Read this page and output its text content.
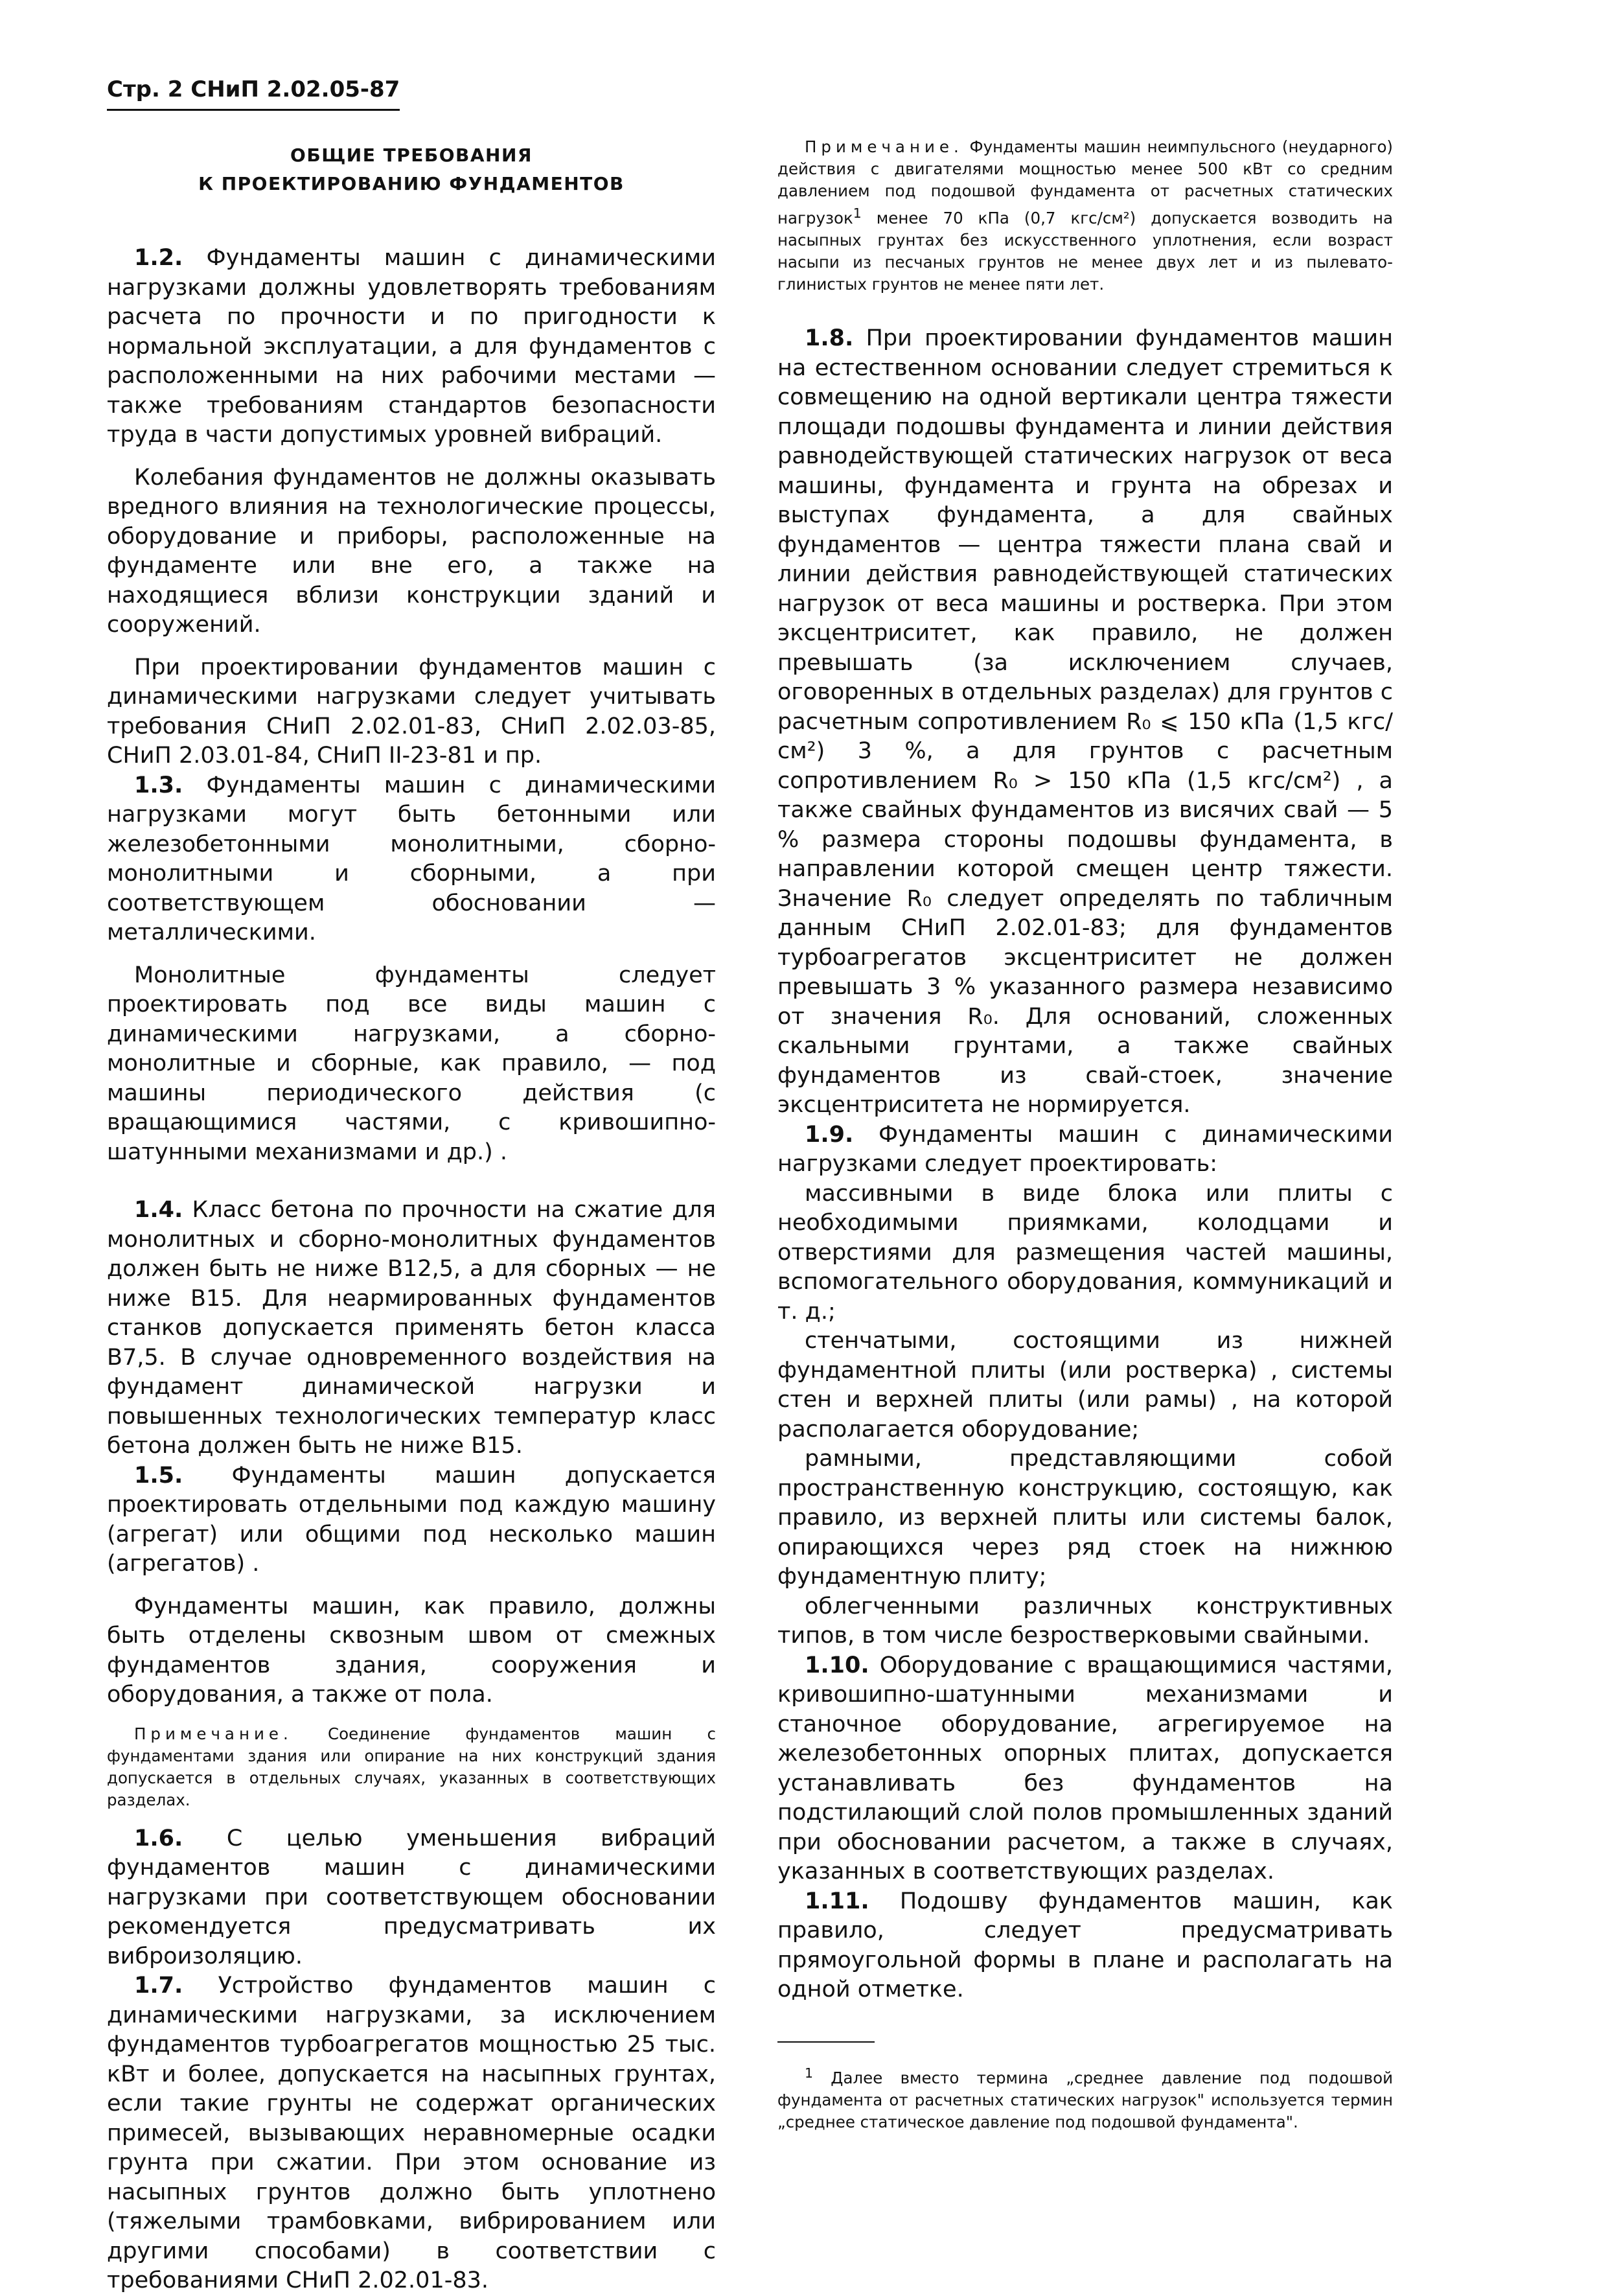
Стр. 2 СНиП 2.02.05-87
ОБЩИЕ ТРЕБОВАНИЯ
К ПРОЕКТИРОВАНИЮ ФУНДАМЕНТОВ

1.2. Фундаменты машин с динамическими нагрузками должны удовлетворять требованиям расчета по прочности и по пригодности к нормальной эксплуатации, а для фундаментов с расположенными на них рабочими местами — также требованиям стандартов безопасности труда в части допустимых уровней вибраций.

Колебания фундаментов не должны оказывать вредного влияния на технологические процессы, оборудование и приборы, расположенные на фундаменте или вне его, а также на находящиеся вблизи конструкции зданий и сооружений.

При проектировании фундаментов машин с динамическими нагрузками следует учитывать требования СНиП 2.02.01-83, СНиП 2.02.03-85, СНиП 2.03.01-84, СНиП II-23-81 и пр.

1.3. Фундаменты машин с динамическими нагрузками могут быть бетонными или железобетонными монолитными, сборно-монолитными и сборными, а при соответствующем обосновании — металлическими.

Монолитные фундаменты следует проектировать под все виды машин с динамическими нагрузками, а сборно-монолитные и сборные, как правило, — под машины периодического действия (с вращающимися частями, с кривошипно-шатунными механизмами и др.) .

1.4. Класс бетона по прочности на сжатие для монолитных и сборно-монолитных фундаментов должен быть не ниже В12,5, а для сборных — не ниже В15. Для неармированных фундаментов станков допускается применять бетон класса В7,5. В случае одновременного воздействия на фундамент динамической нагрузки и повышенных технологических температур класс бетона должен быть не ниже В15.

1.5. Фундаменты машин допускается проектировать отдельными под каждую машину (агрегат) или общими под несколько машин (агрегатов) .

Фундаменты машин, как правило, должны быть отделены сквозным швом от смежных фундаментов здания, сооружения и оборудования, а также от пола.

Примечание. Соединение фундаментов машин с фундаментами здания или опирание на них конструкций здания допускается в отдельных случаях, указанных в соответствующих разделах.

1.6. С целью уменьшения вибраций фундаментов машин с динамическими нагрузками при соответствующем обосновании рекомендуется предусматривать их виброизоляцию.

1.7. Устройство фундаментов машин с динамическими нагрузками, за исключением фундаментов турбоагрегатов мощностью 25 тыс. кВт и более, допускается на насыпных грунтах, если такие грунты не содержат органических примесей, вызывающих неравномерные осадки грунта при сжатии. При этом основание из насыпных грунтов должно быть уплотнено (тяжелыми трамбовками, вибрированием или другими способами) в соответствии с требованиями СНиП 2.02.01-83.

Примечание. Фундаменты машин неимпульсного (неударного) действия с двигателями мощностью менее 500 кВт со средним давлением под подошвой фундамента от расчетных статических нагрузок$^1$ менее 70 кПа (0,7 кгс/см²) допускается возводить на насыпных грунтах без искусственного уплотнения, если возраст насыпи из песчаных грунтов не менее двух лет и из пылевато-глинистых грунтов не менее пяти лет.

1.8. При проектировании фундаментов машин на естественном основании следует стремиться к совмещению на одной вертикали центра тяжести площади подошвы фундамента и линии действия равнодействующей статических нагрузок от веса машины, фундамента и грунта на обрезах и выступах фундамента, а для свайных фундаментов — центра тяжести плана свай и линии действия равнодействующей статических нагрузок от веса машины и ростверка. При этом эксцентриситет, как правило, не должен превышать (за исключением случаев, оговоренных в отдельных разделах) для грунтов с расчетным сопротивлением R₀ ⩽ 150 кПа (1,5 кгс/см²) 3 %, а для грунтов с расчетным сопротивлением R₀ > 150 кПа (1,5 кгс/см²) , а также свайных фундаментов из висячих свай — 5 % размера стороны подошвы фундамента, в направлении которой смещен центр тяжести. Значение R₀ следует определять по табличным данным СНиП 2.02.01-83; для фундаментов турбоагрегатов эксцентриситет не должен превышать 3 % указанного размера независимо от значения R₀. Для оснований, сложенных скальными грунтами, а также свайных фундаментов из свай-стоек, значение эксцентриситета не нормируется.

1.9. Фундаменты машин с динамическими нагрузками следует проектировать:

массивными в виде блока или плиты с необходимыми приямками, колодцами и отверстиями для размещения частей машины, вспомогательного оборудования, коммуникаций и т. д.;

стенчатыми, состоящими из нижней фундаментной плиты (или ростверка) , системы стен и верхней плиты (или рамы) , на которой располагается оборудование;

рамными, представляющими собой пространственную конструкцию, состоящую, как правило, из верхней плиты или системы балок, опирающихся через ряд стоек на нижнюю фундаментную плиту;

облегченными различных конструктивных типов, в том числе безростверковыми свайными.

1.10. Оборудование с вращающимися частями, кривошипно-шатунными механизмами и станочное оборудование, агрегируемое на железобетонных опорных плитах, допускается устанавливать без фундаментов на подстилающий слой полов промышленных зданий при обосновании расчетом, а также в случаях, указанных в соответствующих разделах.

1.11. Подошву фундаментов машин, как правило, следует предусматривать прямоугольной формы в плане и располагать на одной отметке.

$^1$ Далее вместо термина „среднее давление под подошвой фундамента от расчетных статических нагрузок" используется термин „среднее статическое давление под подошвой фундамента".
